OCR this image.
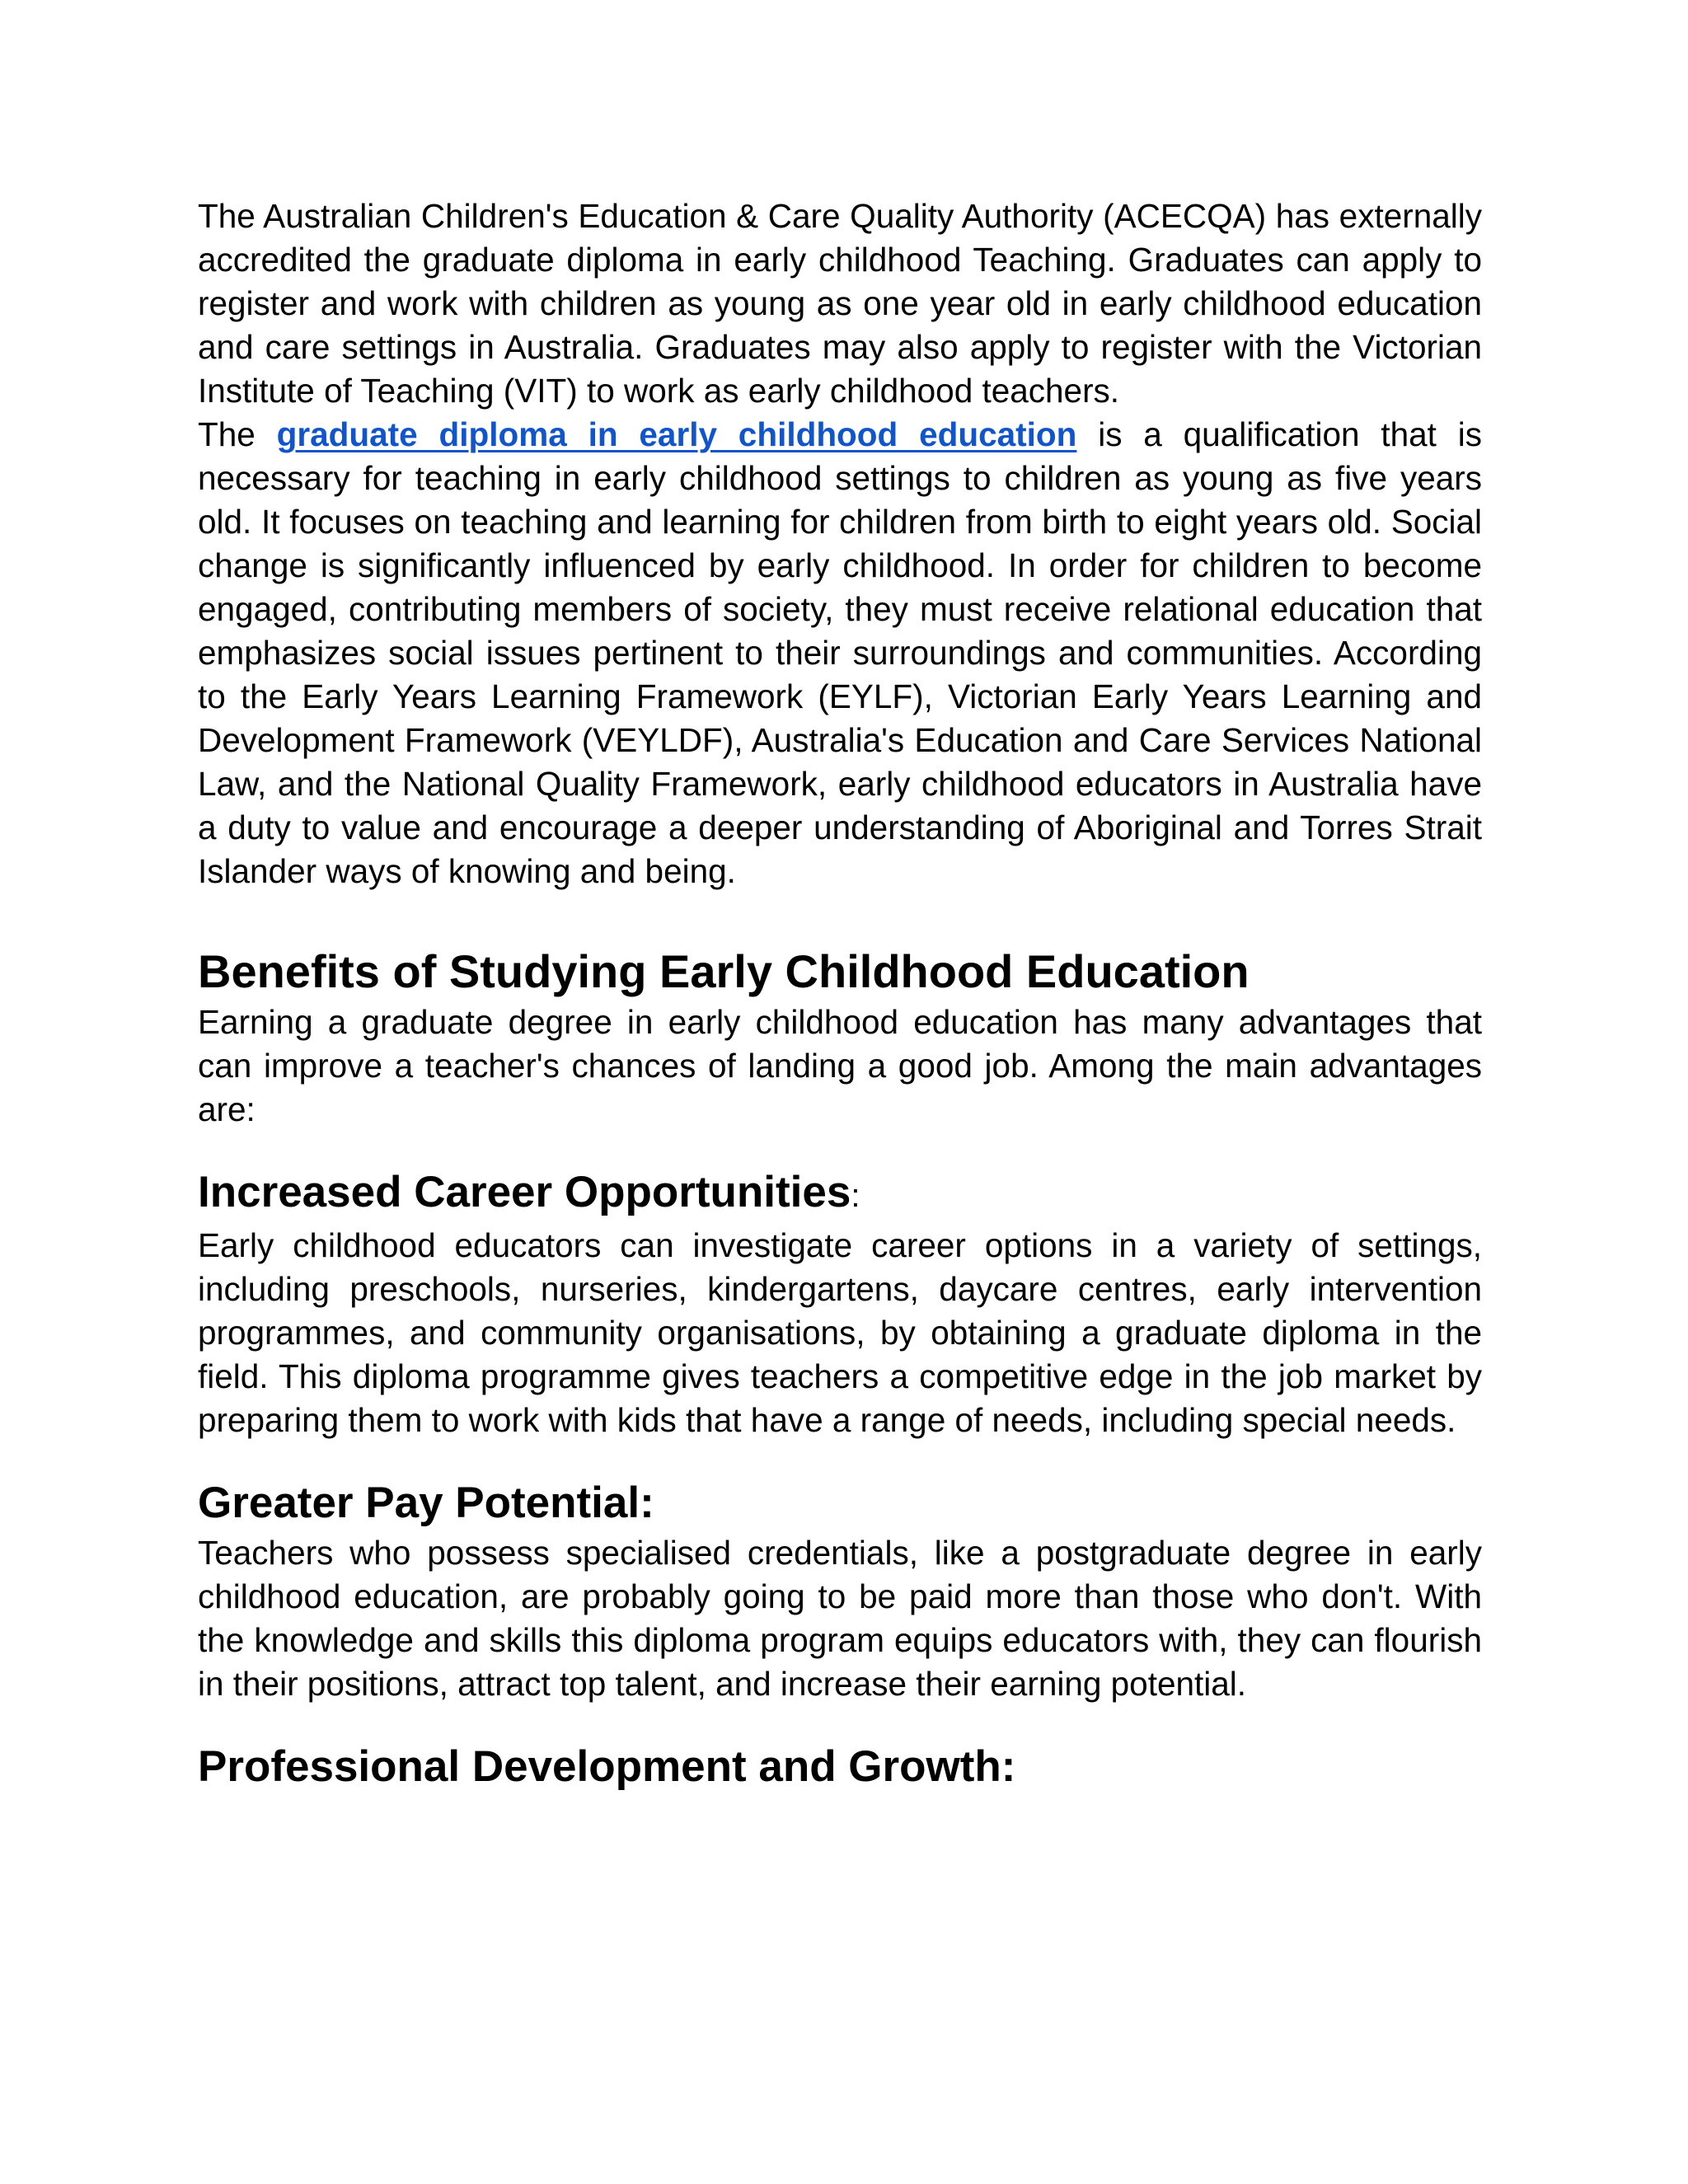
The Australian Children's Education & Care Quality Authority (ACECQA) has externally accredited the graduate diploma in early childhood Teaching. Graduates can apply to register and work with children as young as one year old in early childhood education and care settings in Australia. Graduates may also apply to register with the Victorian Institute of Teaching (VIT) to work as early childhood teachers.

The graduate diploma in early childhood education is a qualification that is necessary for teaching in early childhood settings to children as young as five years old. It focuses on teaching and learning for children from birth to eight years old. Social change is significantly influenced by early childhood. In order for children to become engaged, contributing members of society, they must receive relational education that emphasizes social issues pertinent to their surroundings and communities. According to the Early Years Learning Framework (EYLF), Victorian Early Years Learning and Development Framework (VEYLDF), Australia's Education and Care Services National Law, and the National Quality Framework, early childhood educators in Australia have a duty to value and encourage a deeper understanding of Aboriginal and Torres Strait Islander ways of knowing and being.

Benefits of Studying Early Childhood Education

Earning a graduate degree in early childhood education has many advantages that can improve a teacher's chances of landing a good job. Among the main advantages are:

Increased Career Opportunities:

Early childhood educators can investigate career options in a variety of settings, including preschools, nurseries, kindergartens, daycare centres, early intervention programmes, and community organisations, by obtaining a graduate diploma in the field. This diploma programme gives teachers a competitive edge in the job market by preparing them to work with kids that have a range of needs, including special needs.

Greater Pay Potential:

Teachers who possess specialised credentials, like a postgraduate degree in early childhood education, are probably going to be paid more than those who don't. With the knowledge and skills this diploma program equips educators with, they can flourish in their positions, attract top talent, and increase their earning potential.

Professional Development and Growth:
